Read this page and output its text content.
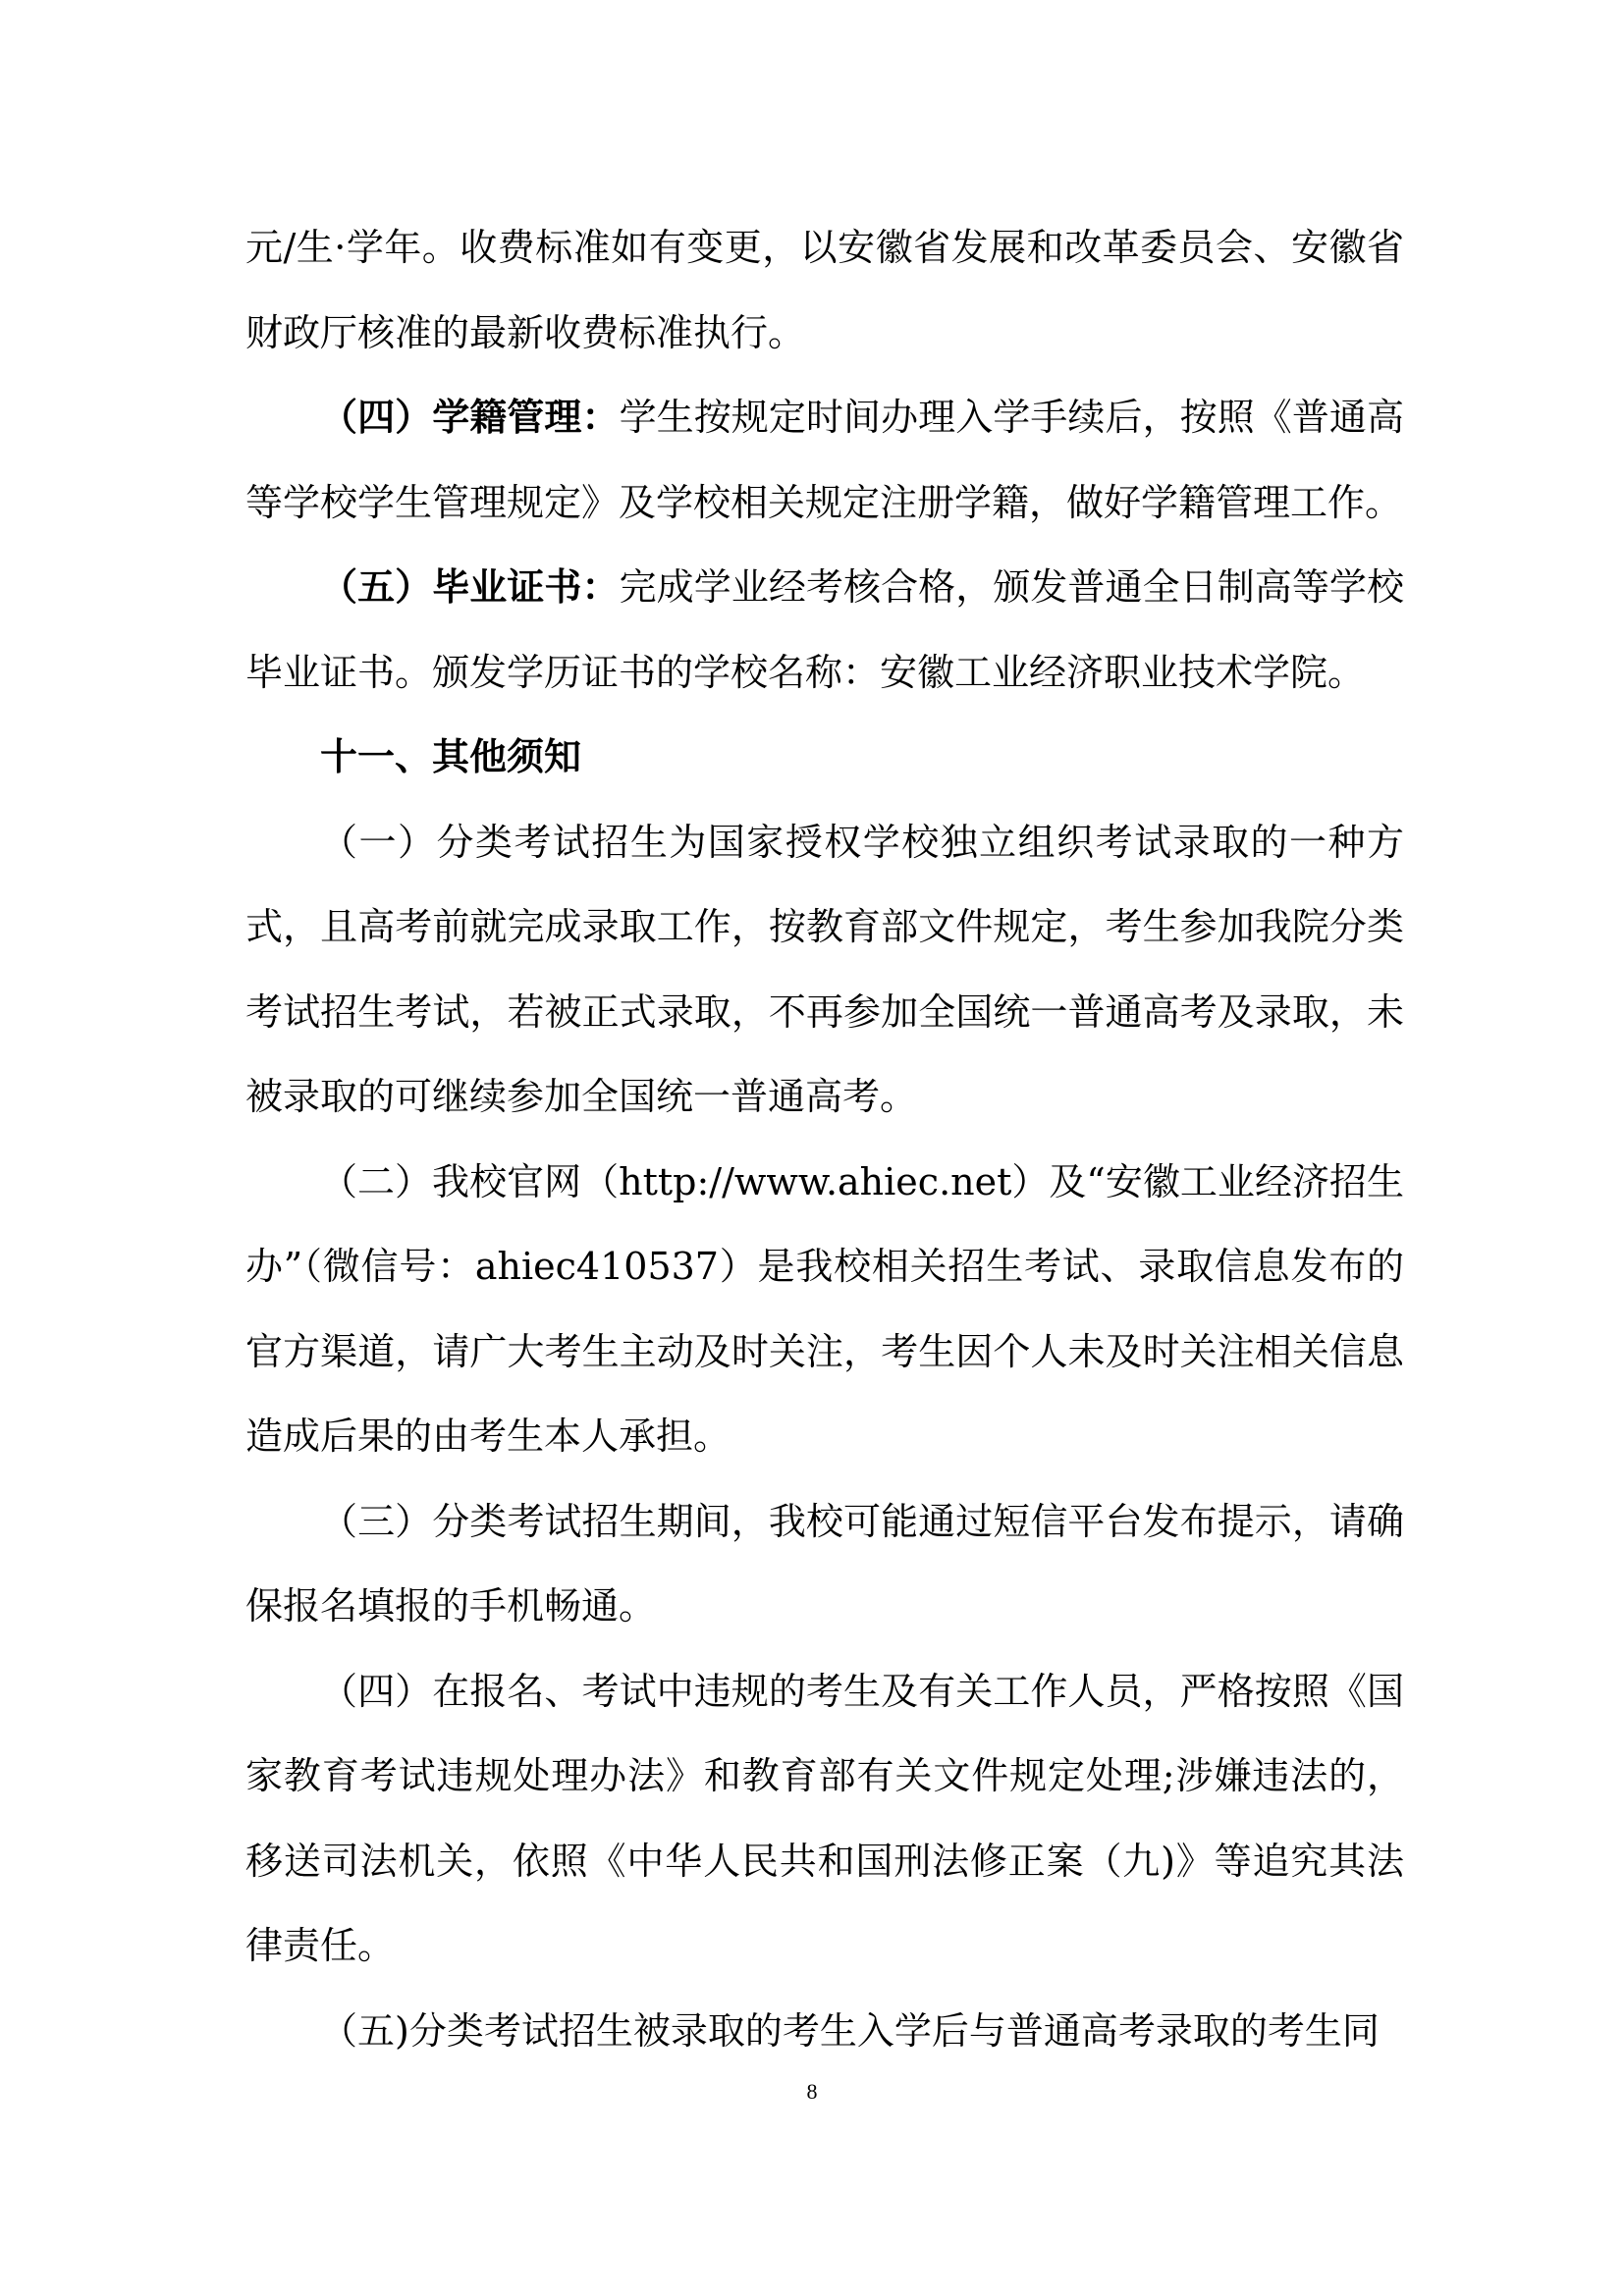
元/生·学年。收费标准如有变更，以安徽省发展和改革委员会、安徽省财政厅核准的最新收费标准执行。

（四）学籍管理：学生按规定时间办理入学手续后，按照《普通高等学校学生管理规定》及学校相关规定注册学籍，做好学籍管理工作。

（五）毕业证书：完成学业经考核合格，颁发普通全日制高等学校毕业证书。颁发学历证书的学校名称：安徽工业经济职业技术学院。

十一、其他须知

（一）分类考试招生为国家授权学校独立组织考试录取的一种方式，且高考前就完成录取工作，按教育部文件规定，考生参加我院分类考试招生考试，若被正式录取，不再参加全国统一普通高考及录取，未被录取的可继续参加全国统一普通高考。

（二）我校官网（http://www.ahiec.net）及“安徽工业经济招生办”（微信号：ahiec410537）是我校相关招生考试、录取信息发布的官方渠道，请广大考生主动及时关注，考生因个人未及时关注相关信息造成后果的由考生本人承担。

（三）分类考试招生期间，我校可能通过短信平台发布提示，请确保报名填报的手机畅通。

（四）在报名、考试中违规的考生及有关工作人员，严格按照《国家教育考试违规处理办法》和教育部有关文件规定处理;涉嫌违法的，移送司法机关，依照《中华人民共和国刑法修正案（九)》等追究其法律责任。

（五)分类考试招生被录取的考生入学后与普通高考录取的考生同

8
